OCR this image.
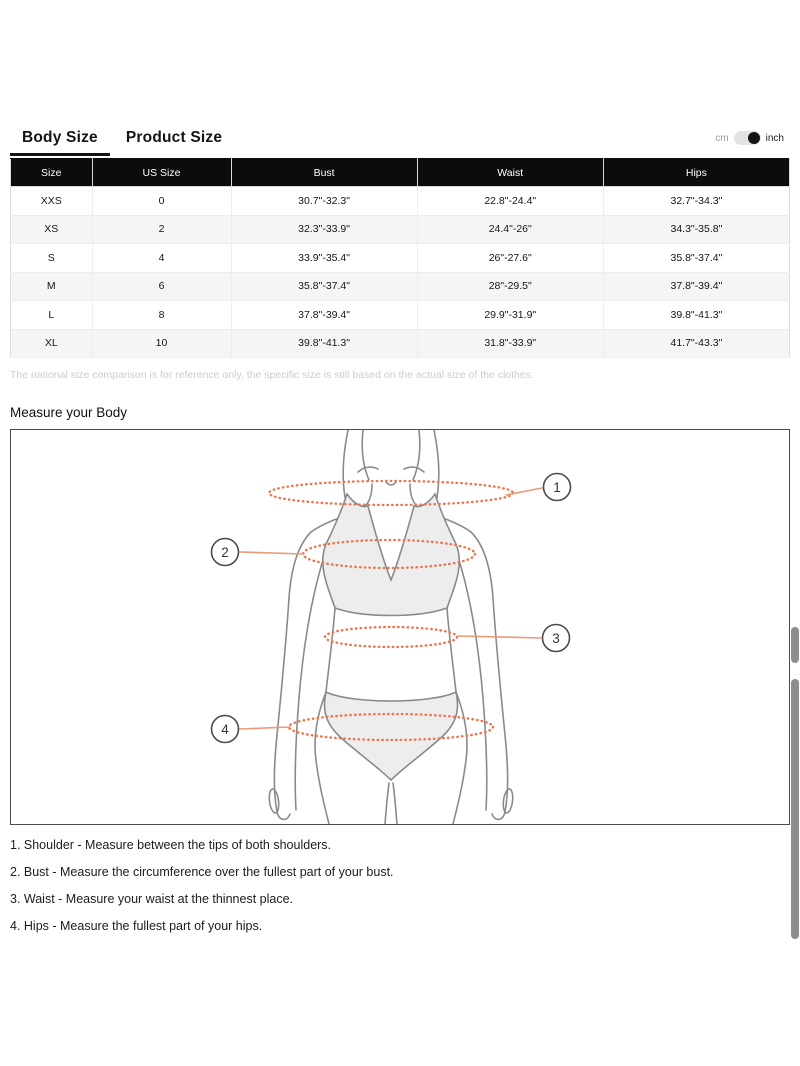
Body Size	Product Size	cm	inch
Size	US Size	Bust	Waist	Hips
XXS	0	30.7"-32.3"	22.8"-24.4"	32.7"-34.3"
XS	2	32.3"-33.9"	24.4"-26"	34.3"-35.8"
S	4	33.9"-35.4"	26"-27.6"	35.8"-37.4"
M	6	35.8"-37.4"	28"-29.5"	37.8"-39.4"
L	8	37.8"-39.4"	29.9"-31.9"	39.8"-41.3"
XL	10	39.8"-41.3"	31.8"-33.9"	41.7"-43.3"
The national size comparison is for reference only, the specific size is still based on the actual size of the clothes.
Measure your Body
1
2
3
4
1. Shoulder - Measure between the tips of both shoulders.
2. Bust - Measure the circumference over the fullest part of your bust.
3. Waist - Measure your waist at the thinnest place.
4. Hips - Measure the fullest part of your hips.
